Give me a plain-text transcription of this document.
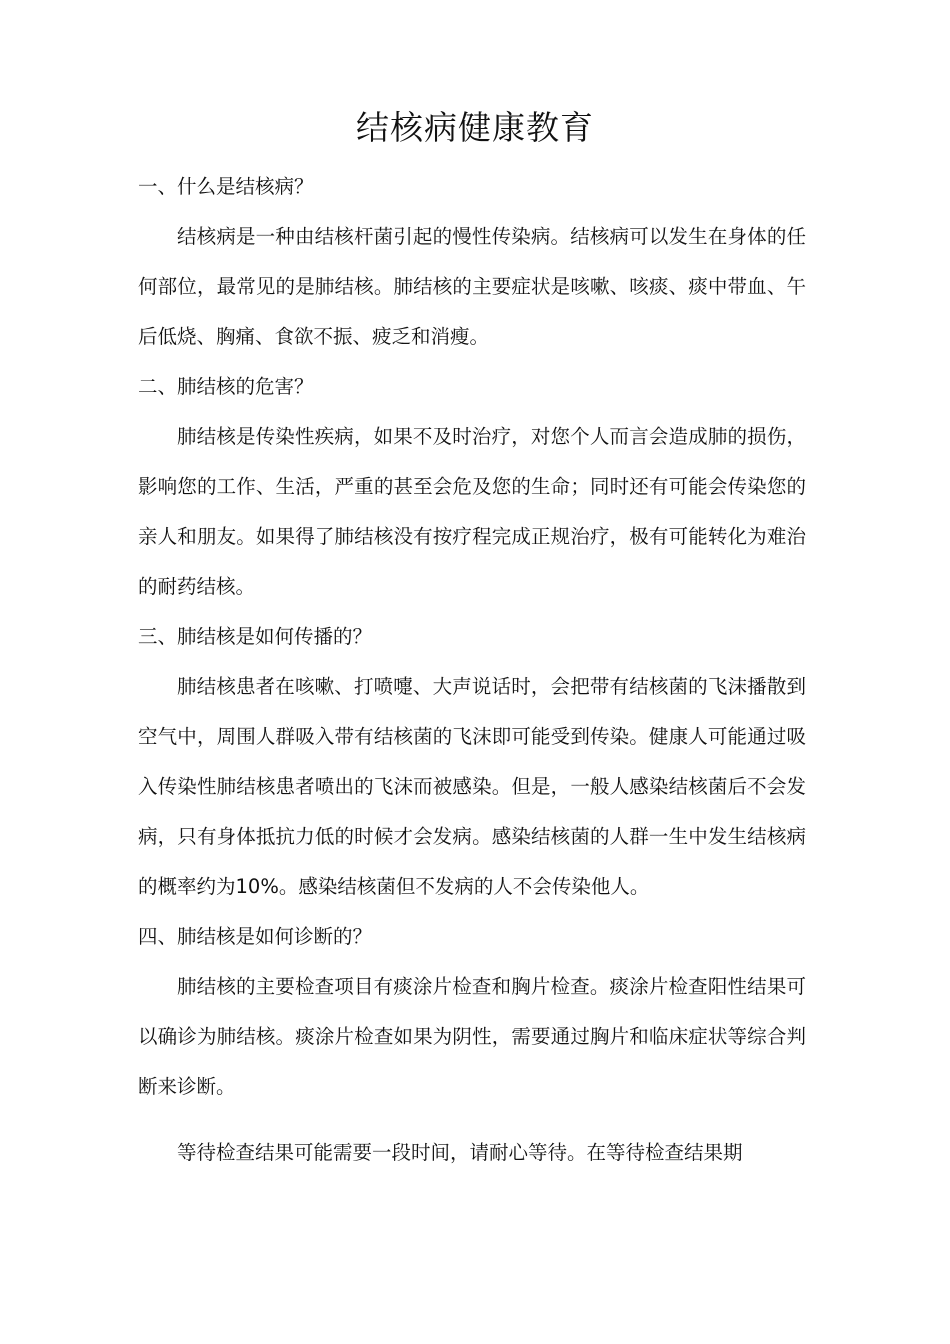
结核病健康教育

一、什么是结核病？

结核病是一种由结核杆菌引起的慢性传染病。结核病可以发生在身体的任何部位，最常见的是肺结核。肺结核的主要症状是咳嗽、咳痰、痰中带血、午后低烧、胸痛、食欲不振、疲乏和消瘦。

二、肺结核的危害？

肺结核是传染性疾病，如果不及时治疗，对您个人而言会造成肺的损伤，影响您的工作、生活，严重的甚至会危及您的生命；同时还有可能会传染您的亲人和朋友。如果得了肺结核没有按疗程完成正规治疗，极有可能转化为难治的耐药结核。

三、肺结核是如何传播的？

肺结核患者在咳嗽、打喷嚏、大声说话时，会把带有结核菌的飞沫播散到空气中，周围人群吸入带有结核菌的飞沫即可能受到传染。健康人可能通过吸入传染性肺结核患者喷出的飞沫而被感染。但是，一般人感染结核菌后不会发病，只有身体抵抗力低的时候才会发病。感染结核菌的人群一生中发生结核病的概率约为10%。感染结核菌但不发病的人不会传染他人。

四、肺结核是如何诊断的？

肺结核的主要检查项目有痰涂片检查和胸片检查。痰涂片检查阳性结果可以确诊为肺结核。痰涂片检查如果为阴性，需要通过胸片和临床症状等综合判断来诊断。

等待检查结果可能需要一段时间，请耐心等待。在等待检查结果期
